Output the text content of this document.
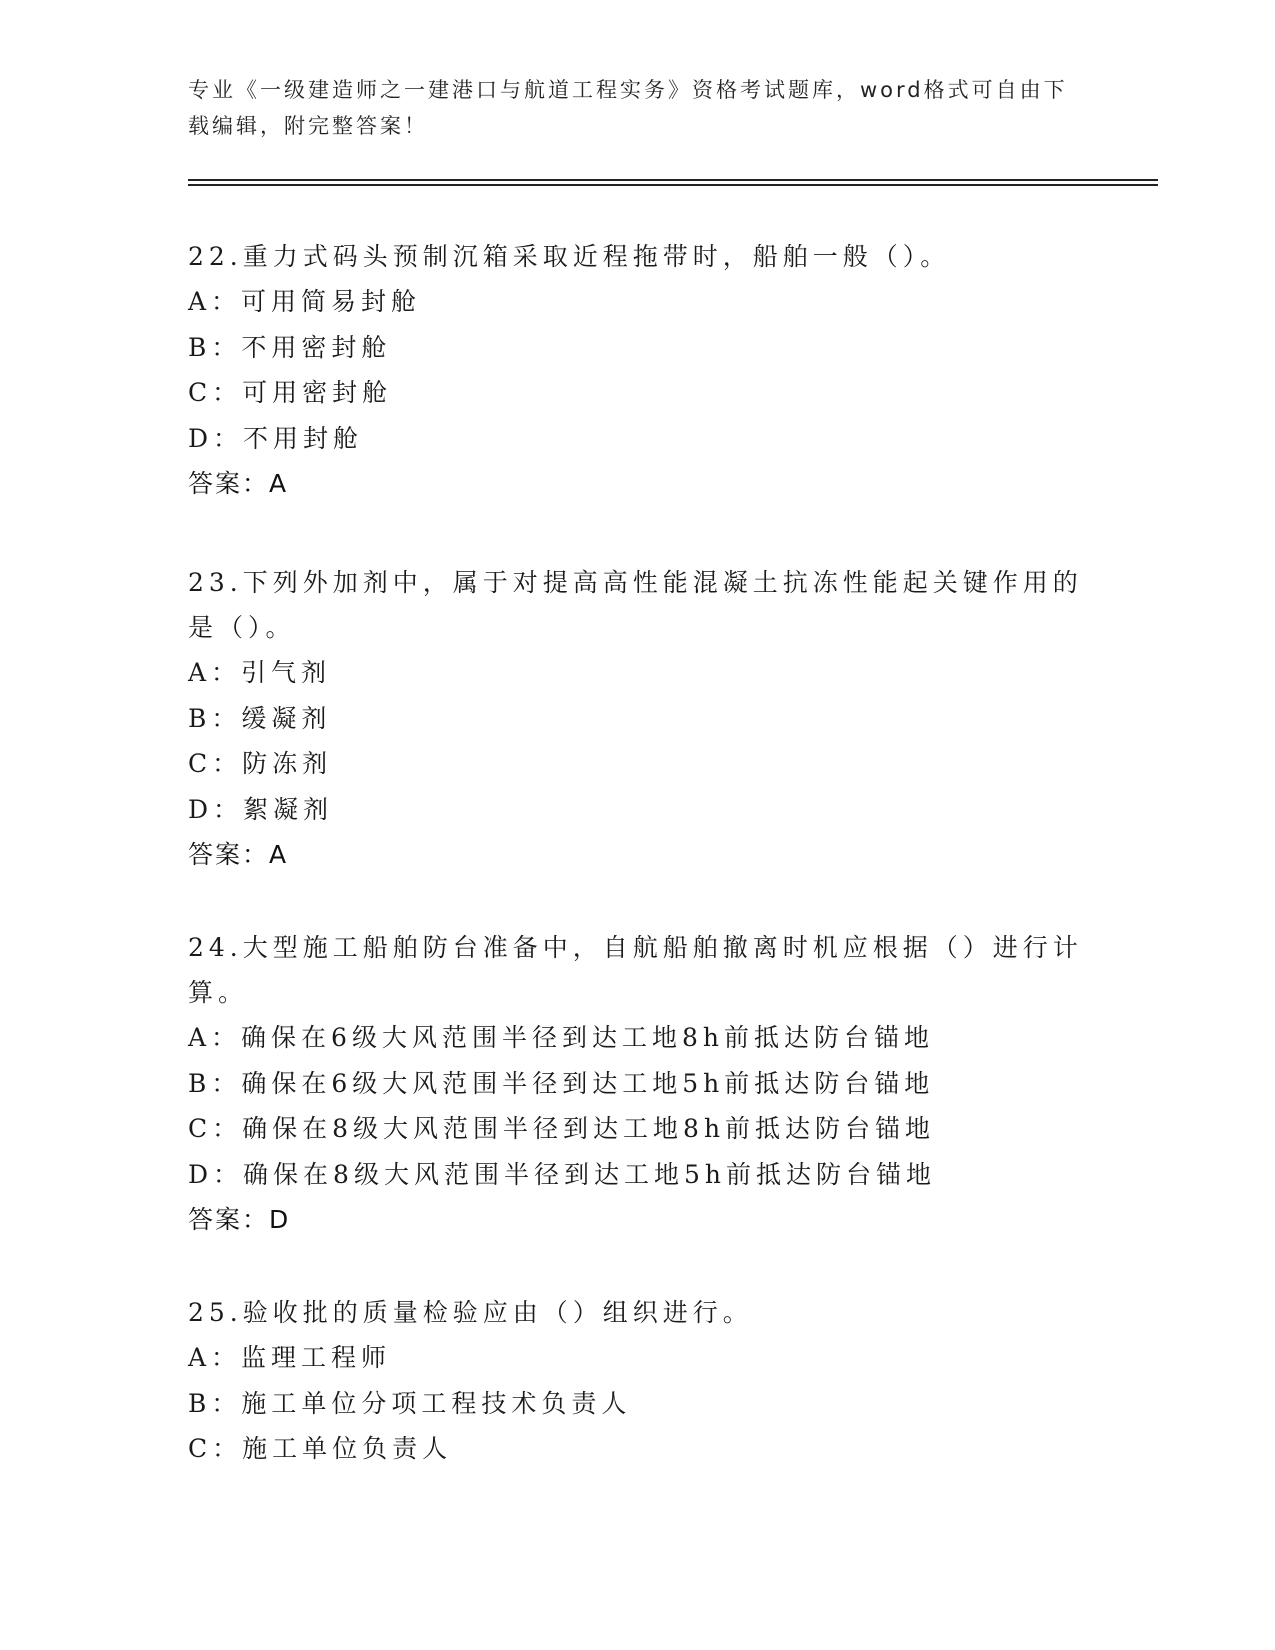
专业《一级建造师之一建港口与航道工程实务》资格考试题库，word格式可自由下载编辑，附完整答案！

22.重力式码头预制沉箱采取近程拖带时，船舶一般（）。

A：可用简易封舱

B：不用密封舱

C：可用密封舱

D：不用封舱

答案：A

23.下列外加剂中，属于对提高高性能混凝土抗冻性能起关键作用的是（）。

A：引气剂

B：缓凝剂

C：防冻剂

D：絮凝剂

答案：A

24.大型施工船舶防台准备中，自航船舶撤离时机应根据（）进行计算。

A：确保在6级大风范围半径到达工地8h前抵达防台锚地

B：确保在6级大风范围半径到达工地5h前抵达防台锚地

C：确保在8级大风范围半径到达工地8h前抵达防台锚地

D：确保在8级大风范围半径到达工地5h前抵达防台锚地

答案：D

25.验收批的质量检验应由（）组织进行。

A：监理工程师

B：施工单位分项工程技术负责人

C：施工单位负责人
